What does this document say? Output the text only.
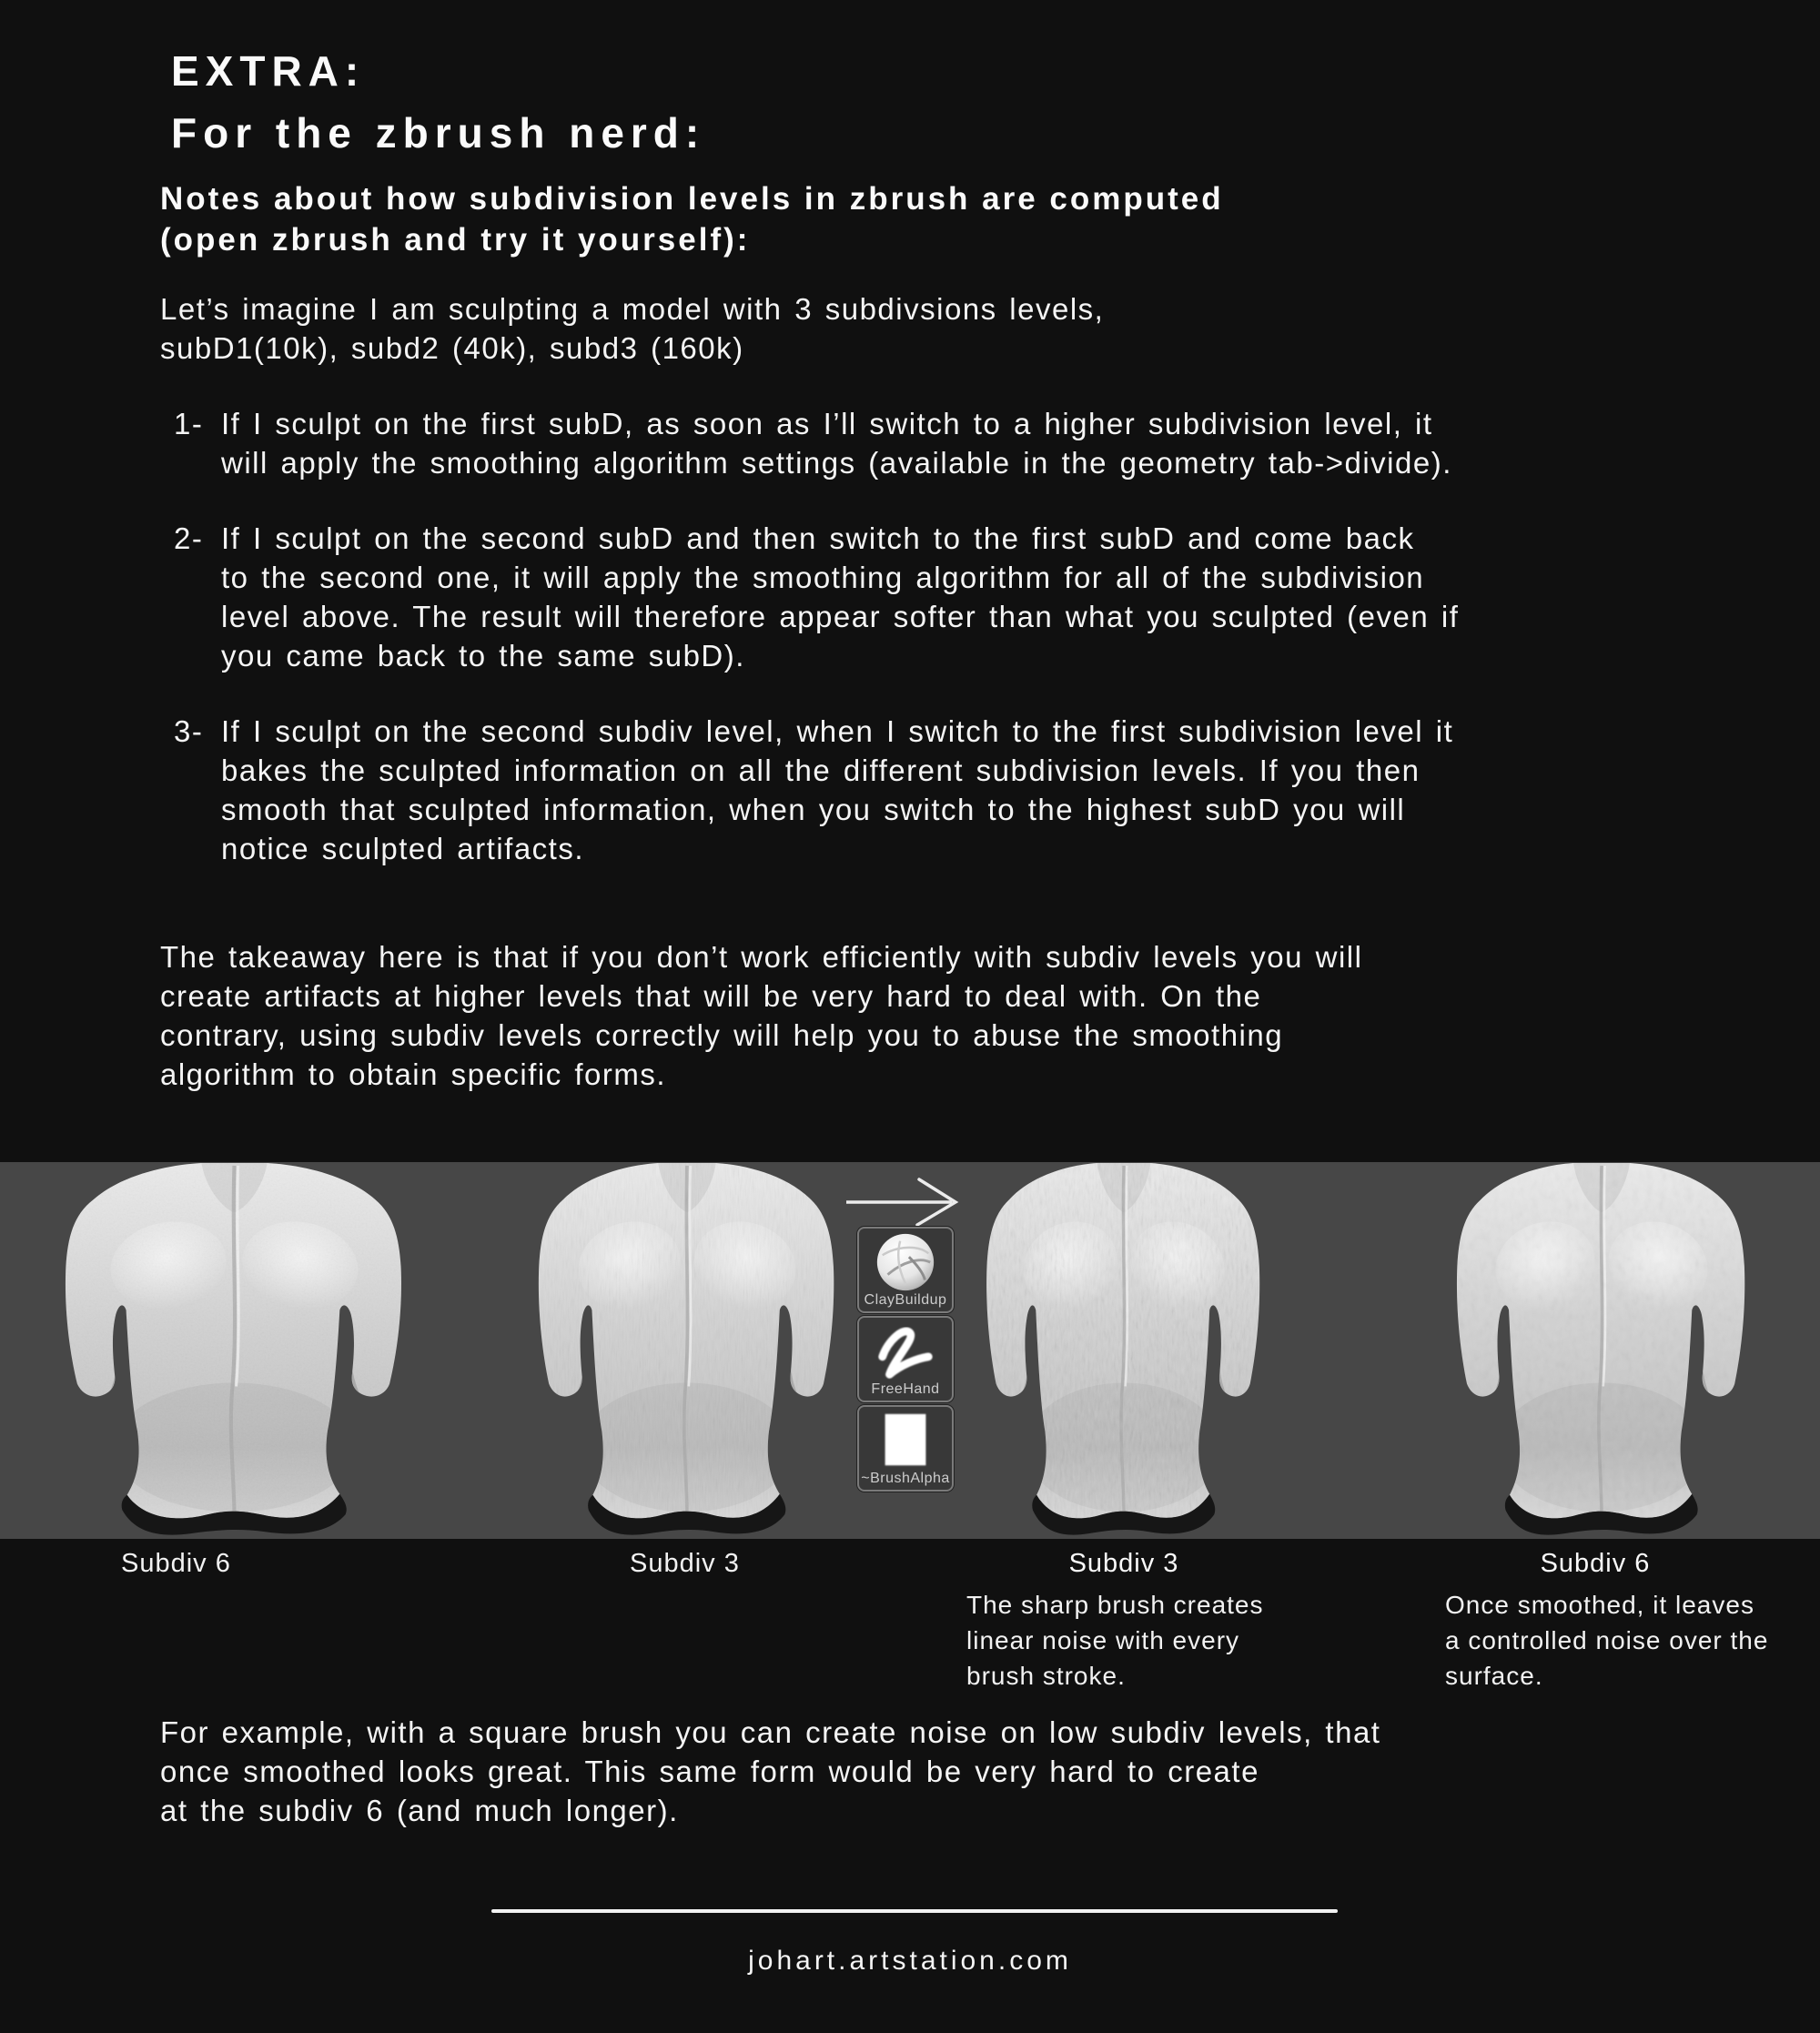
EXTRA:
For the zbrush nerd:
Notes about how subdivision levels in zbrush are computed
(open zbrush and try it yourself):
Let’s imagine I am sculpting a model with 3 subdivsions levels,
subD1(10k), subd2 (40k), subd3 (160k)
1- If I sculpt on the first subD, as soon as I’ll switch to a higher subdivision level, it
will apply the smoothing algorithm settings (available in the geometry tab->divide).
2- If I sculpt on the second subD and then switch to the first subD and come back
to the second one, it will apply the smoothing algorithm for all of the subdivision
level above. The result will therefore appear softer than what you sculpted (even if
you came back to the same subD).
3- If I sculpt on the second subdiv level, when I switch to the first subdivision level it
bakes the sculpted information on all the different subdivision levels. If you then
smooth that sculpted information, when you switch to the highest subD you will
notice sculpted artifacts.
The takeaway here is that if you don’t work efficiently with subdiv levels you will
create artifacts at higher levels that will be very hard to deal with. On the
contrary, using subdiv levels correctly will help you to abuse the smoothing
algorithm to obtain specific forms.
ClayBuildup
FreeHand
~BrushAlpha
Subdiv 6	Subdiv 3	Subdiv 3
The sharp brush creates
linear noise with every
brush stroke.
Subdiv 6
Once smoothed, it leaves
a controlled noise over the
surface.
For example, with a square brush you can create noise on low subdiv levels, that
once smoothed looks great. This same form would be very hard to create
at the subdiv 6 (and much longer).
johart.artstation.com
